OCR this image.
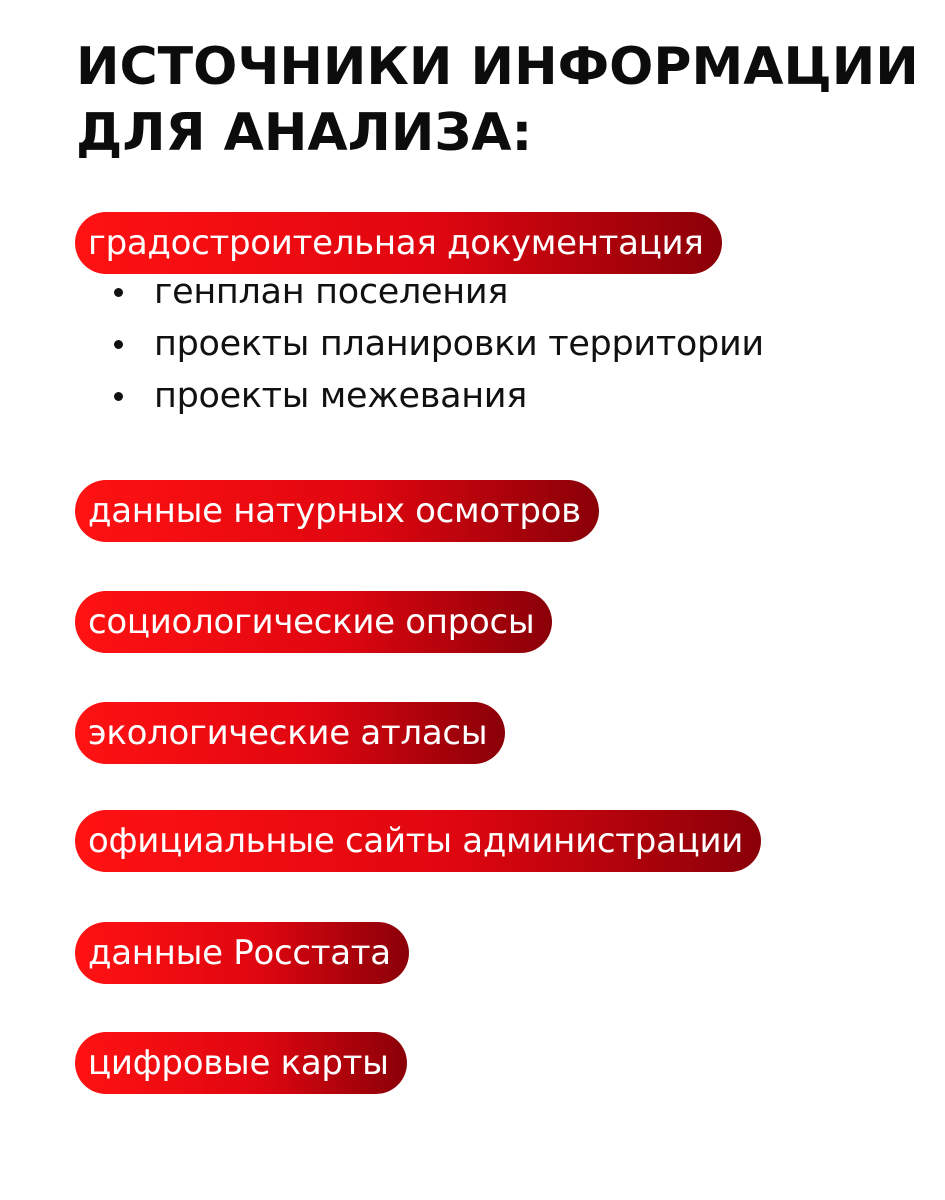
ИСТОЧНИКИ ИНФОРМАЦИИ
ДЛЯ АНАЛИЗА:
градостроительная документация
генплан поселения
проекты планировки территории
проекты межевания
данные натурных осмотров
социологические опросы
экологические атласы
официальные сайты администрации
данные Росстата
цифровые карты
